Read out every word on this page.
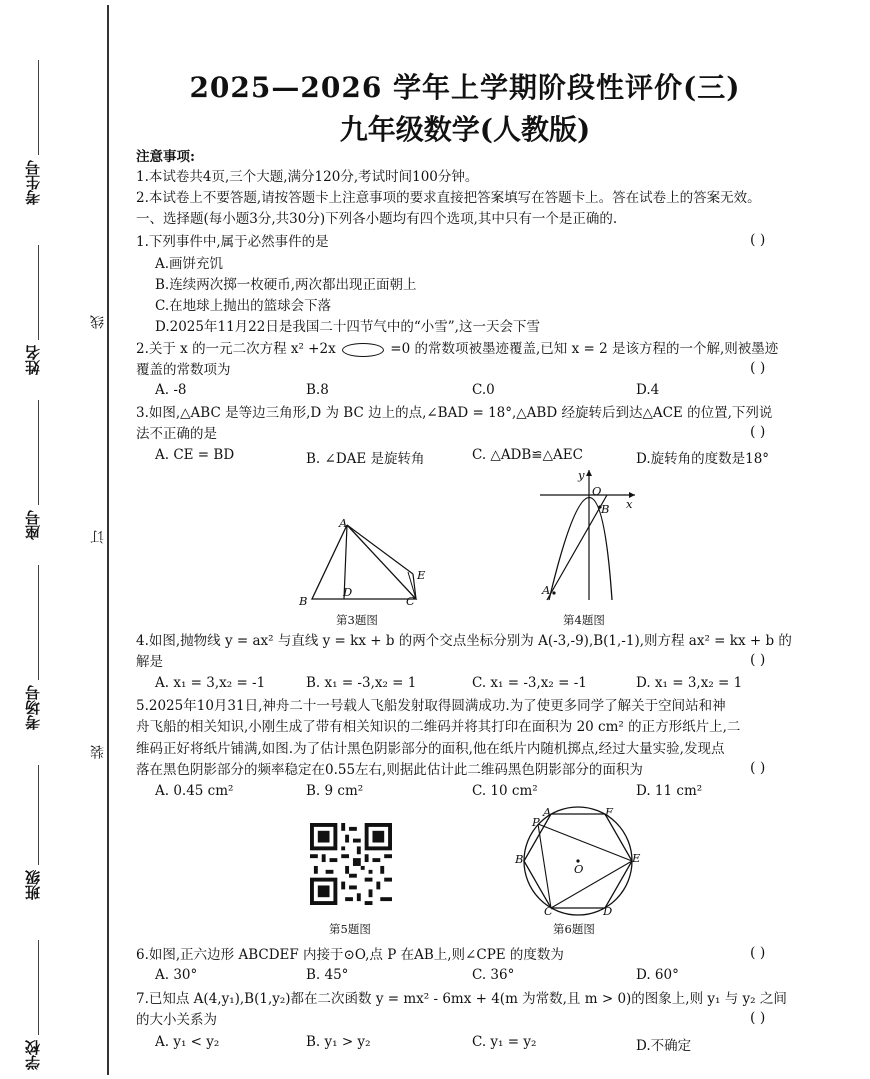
考生号
姓名
座号
考场号
班级
学校
线
订
装
2025—2026 学年上学期阶段性评价(三)
九年级数学(人教版)
注意事项:
1.本试卷共4页,三个大题,满分120分,考试时间100分钟。
2.本试卷上不要答题,请按答题卡上注意事项的要求直接把答案填写在答题卡上。答在试卷上的答案无效。
一、选择题(每小题3分,共30分)下列各小题均有四个选项,其中只有一个是正确的.
1.下列事件中,属于必然事件的是	( )
A.画饼充饥
B.连续两次掷一枚硬币,两次都出现正面朝上
C.在地球上抛出的篮球会下落
D.2025年11月22日是我国二十四节气中的“小雪”,这一天会下雪
2.关于 x 的一元二次方程 x² +2x	=0 的常数项被墨迹覆盖,已知 x = 2 是该方程的一个解,则被墨迹
覆盖的常数项为	( )
A. -8	B.8	C.0	D.4
3.如图,△ABC 是等边三角形,D 为 BC 边上的点,∠BAD = 18°,△ABD 经旋转后到达△ACE 的位置,下列说
法不正确的是	( )
A. CE = BD	B. ∠DAE 是旋转角	C. △ADB≌△AEC	D.旋转角的度数是18°
A
B
D
C
E
第3题图
y
O
B x
A
第4题图
4.如图,抛物线 y = ax² 与直线 y = kx + b 的两个交点坐标分别为 A(-3,-9),B(1,-1),则方程 ax² = kx + b 的
解是	( )
A. x₁ = 3,x₂ = -1	B. x₁ = -3,x₂ = 1	C. x₁ = -3,x₂ = -1	D. x₁ = 3,x₂ = 1
5.2025年10月31日,神舟二十一号载人飞船发射取得圆满成功.为了使更多同学了解关于空间站和神
舟飞船的相关知识,小刚生成了带有相关知识的二维码并将其打印在面积为 20 cm² 的正方形纸片上,二
维码正好将纸片铺满,如图.为了估计黑色阴影部分的面积,他在纸片内随机掷点,经过大量实验,发现点
落在黑色阴影部分的频率稳定在0.55左右,则据此估计此二维码黑色阴影部分的面积为	( )
A. 0.45 cm²	B. 9 cm²	C. 10 cm²	D. 11 cm²
第5题图
A	F
P
B	E
O
C	D
第6题图
6.如图,正六边形 ABCDEF 内接于⊙O,点 P 在AB上,则∠CPE 的度数为	( )
A. 30°	B. 45°	C. 36°	D. 60°
7.已知点 A(4,y₁),B(1,y₂)都在二次函数 y = mx² - 6mx + 4(m 为常数,且 m > 0)的图象上,则 y₁ 与 y₂ 之间
的大小关系为	( )
A. y₁ < y₂	B. y₁ > y₂	C. y₁ = y₂	D.不确定
